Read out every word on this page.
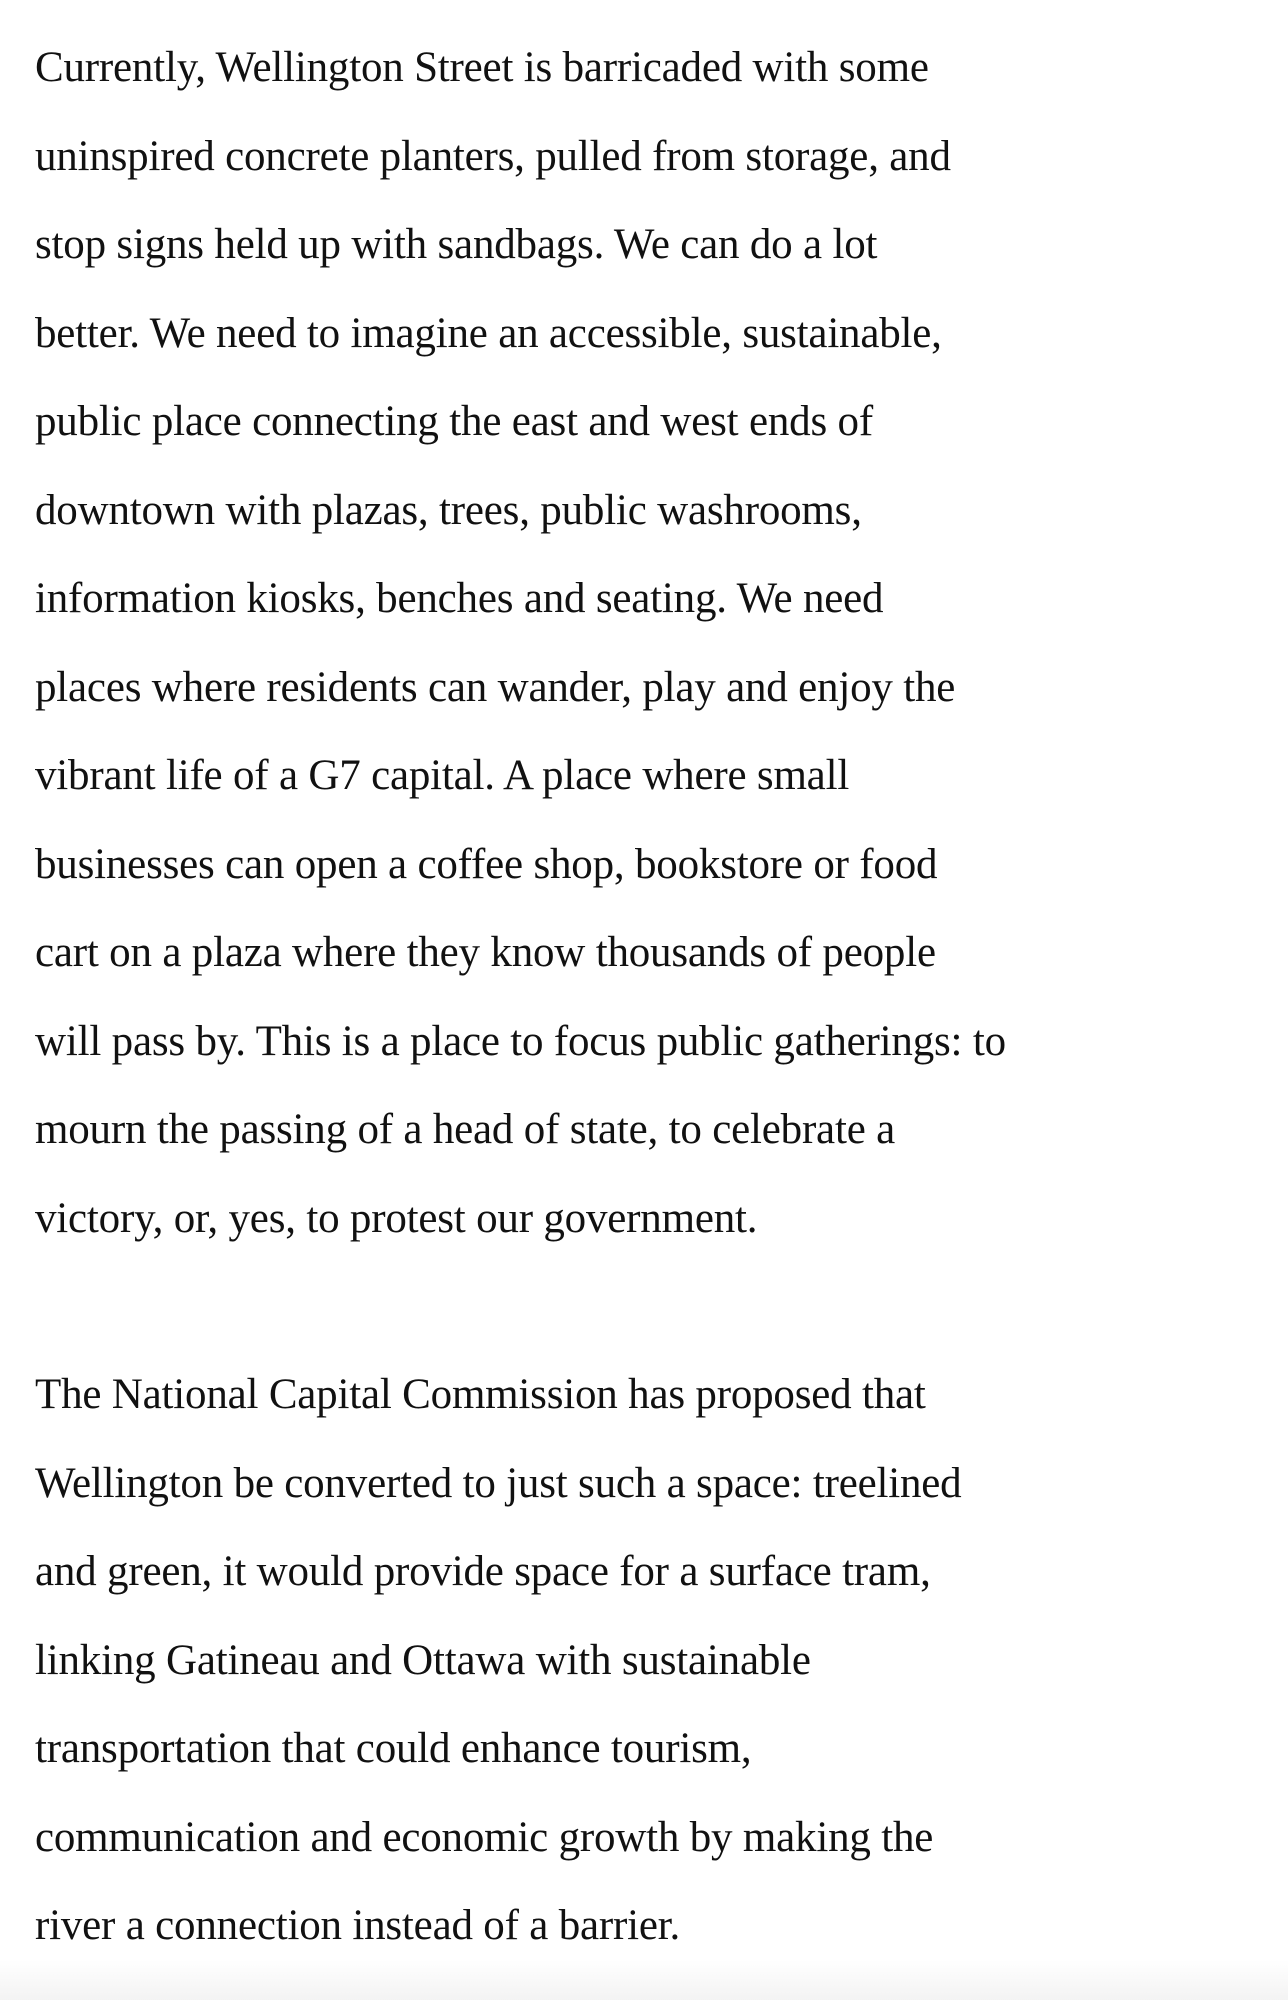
Currently, Wellington Street is barricaded with some
uninspired concrete planters, pulled from storage, and
stop signs held up with sandbags. We can do a lot
better. We need to imagine an accessible, sustainable,
public place connecting the east and west ends of
downtown with plazas, trees, public washrooms,
information kiosks, benches and seating. We need
places where residents can wander, play and enjoy the
vibrant life of a G7 capital. A place where small
businesses can open a coffee shop, bookstore or food
cart on a plaza where they know thousands of people
will pass by. This is a place to focus public gatherings: to
mourn the passing of a head of state, to celebrate a
victory, or, yes, to protest our government.

The National Capital Commission has proposed that
Wellington be converted to just such a space: treelined
and green, it would provide space for a surface tram,
linking Gatineau and Ottawa with sustainable
transportation that could enhance tourism,
communication and economic growth by making the
river a connection instead of a barrier.
